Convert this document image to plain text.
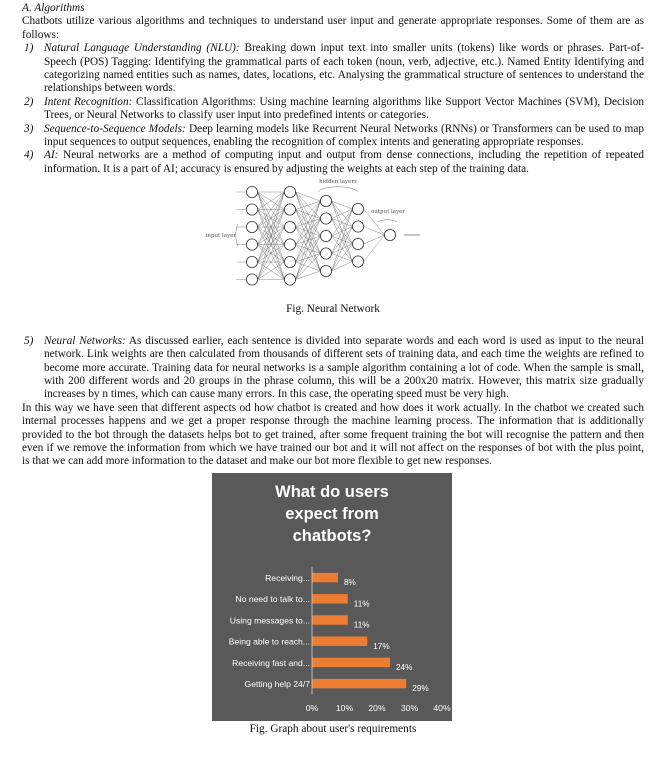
A. Algorithms

Chatbots utilize various algorithms and techniques to understand user input and generate appropriate responses. Some of them are as follows:

1) Natural Language Understanding (NLU): Breaking down input text into smaller units (tokens) like words or phrases. Part-of-Speech (POS) Tagging: Identifying the grammatical parts of each token (noun, verb, adjective, etc.). Named Entity Identifying and categorizing named entities such as names, dates, locations, etc. Analysing the grammatical structure of sentences to understand the relationships between words.
2) Intent Recognition: Classification Algorithms: Using machine learning algorithms like Support Vector Machines (SVM), Decision Trees, or Neural Networks to classify user input into predefined intents or categories.
3) Sequence-to-Sequence Models: Deep learning models like Recurrent Neural Networks (RNNs) or Transformers can be used to map input sequences to output sequences, enabling the recognition of complex intents and generating appropriate responses.
4) AI: Neural networks are a method of computing input and output from dense connections, including the repetition of repeated information. It is a part of AI; accuracy is ensured by adjusting the weights at each step of the training data.
hidden layers
output layer
input layer

Fig. Neural Network

5) Neural Networks: As discussed earlier, each sentence is divided into separate words and each word is used as input to the neural network. Link weights are then calculated from thousands of different sets of training data, and each time the weights are refined to become more accurate. Training data for neural networks is a sample algorithm containing a lot of code. When the sample is small, with 200 different words and 20 groups in the phrase column, this will be a 200x20 matrix. However, this matrix size gradually increases by n times, which can cause many errors. In this case, the operating speed must be very high.

In this way we have seen that different aspects od how chatbot is created and how does it work actually. In the chatbot we created such internal processes happens and we get a proper response through the machine learning process. The information that is additionally provided to the bot through the datasets helps bot to get trained, after some frequent training the bot will recognise the pattern and then even if we remove the information from which we have trained our bot and it will not affect on the responses of bot with the plus point, is that we can add more information to the dataset and make our bot more flexible to get new responses.

What do users
expect from
chatbots?
8%
11%
11%
17%
24%
29%
Receiving...
No need to talk to...
Using messages to...
Being able to reach...
Receiving fast and...
Getting help 24/7
0% 10% 20% 30% 40%

Fig. Graph about user's requirements
